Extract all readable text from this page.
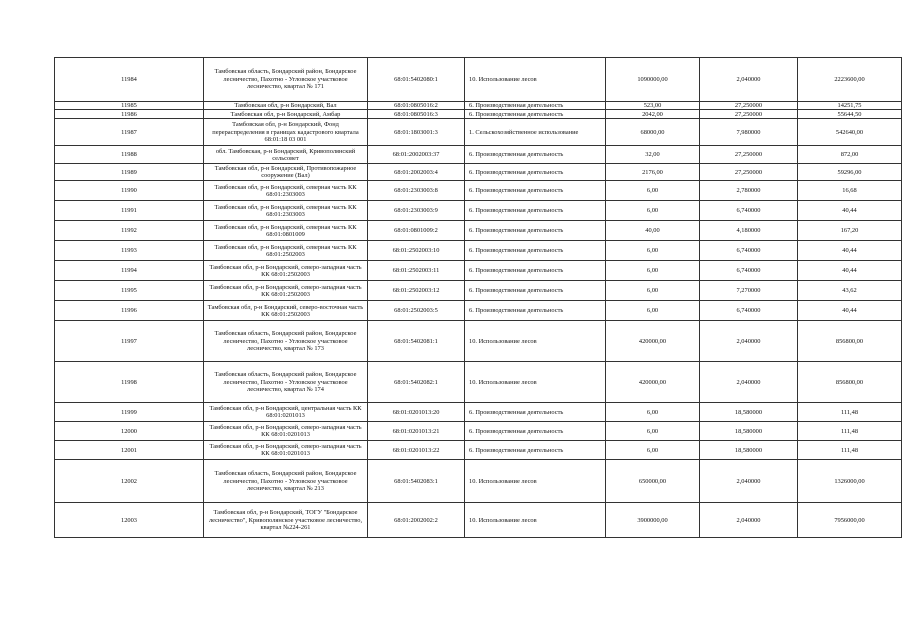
11984	Тамбовская область, Бондарский район, Бондарское лесничество, Пахотно - Угловское участковое лесничество, квартал № 171	68:01:5402080:1	10. Использование лесов	1090000,00	2,040000	2223600,00
11985	Тамбовская обл, р-н Бондарский, Вал	68:01:0805016:2	6. Производственная деятельность	523,00	27,250000	14251,75
11986	Тамбовская обл, р-н Бондарский, Амбар	68:01:0805016:3	6. Производственная деятельность	2042,00	27,250000	55644,50
11987	Тамбовская обл, р-н Бондарский, Фонд перераспределения в границах кадастрового квартала 68:01:18 03 001	68:01:1803001:3	1. Сельскохозяйственное использование	68000,00	7,980000	542640,00
11988	обл. Тамбовская, р-н Бондарский, Кривополянский сельсовет	68:01:2002003:37	6. Производственная деятельность	32,00	27,250000	872,00
11989	Тамбовская обл, р-н Бондарский, Противопожарное сооружение (Вал)	68:01:2002003:4	6. Производственная деятельность	2176,00	27,250000	59296,00
11990	Тамбовская обл, р-н Бондарский, северная часть КК 68:01:2303003	68:01:2303003:8	6. Производственная деятельность	6,00	2,780000	16,68
11991	Тамбовская обл, р-н Бондарский, северная часть КК 68:01:2303003	68:01:2303003:9	6. Производственная деятельность	6,00	6,740000	40,44
11992	Тамбовская обл, р-н Бондарский, северная часть КК 68:01:0801009	68:01:0801009:2	6. Производственная деятельность	40,00	4,180000	167,20
11993	Тамбовская обл, р-н Бондарский, северная часть КК 68:01:2502003	68:01:2502003:10	6. Производственная деятельность	6,00	6,740000	40,44
11994	Тамбовская обл, р-н Бондарский, северо-западная часть КК 68:01:2502003	68:01:2502003:11	6. Производственная деятельность	6,00	6,740000	40,44
11995	Тамбовская обл, р-н Бондарский, северо-западная часть КК 68:01:2502003	68:01:2502003:12	6. Производственная деятельность	6,00	7,270000	43,62
11996	Тамбовская обл, р-н Бондарский, северо-восточная часть КК 68:01:2502003	68:01:2502003:5	6. Производственная деятельность	6,00	6,740000	40,44
11997	Тамбовская область, Бондарский район, Бондарское лесничество, Пахотно - Угловское участковое лесничество, квартал № 173	68:01:5402081:1	10. Использование лесов	420000,00	2,040000	856800,00
11998	Тамбовская область, Бондарский район, Бондарское лесничество, Пахотно - Угловское участковое лесничество, квартал № 174	68:01:5402082:1	10. Использование лесов	420000,00	2,040000	856800,00
11999	Тамбовская обл, р-н Бондарский, центральная часть КК 68:01:0201013	68:01:0201013:20	6. Производственная деятельность	6,00	18,580000	111,48
12000	Тамбовская обл, р-н Бондарский, северо-западная часть КК 68:01:0201013	68:01:0201013:21	6. Производственная деятельность	6,00	18,580000	111,48
12001	Тамбовская обл, р-н Бондарский, северо-западная часть КК 68:01:0201013	68:01:0201013:22	6. Производственная деятельность	6,00	18,580000	111,48
12002	Тамбовская область, Бондарский район, Бондарское лесничество, Пахотно - Угловское участковое лесничество, квартал № 213	68:01:5402083:1	10. Использование лесов	650000,00	2,040000	1326000,00
12003	Тамбовская обл, р-н Бондарский, ТОГУ "Бондарское лесничество", Кривополянское участковое лесничество, квартал №224-261	68:01:2002002:2	10. Использование лесов	3900000,00	2,040000	7956000,00
